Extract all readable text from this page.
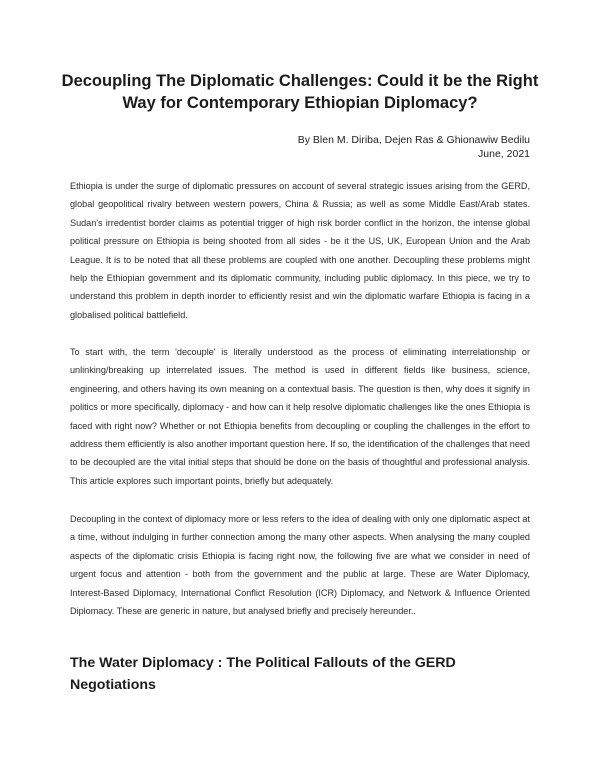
Decoupling The Diplomatic Challenges: Could it be the Right Way for Contemporary Ethiopian Diplomacy?
By Blen M. Diriba, Dejen Ras & Ghionawiw Bedilu
June, 2021

Ethiopia is under the surge of diplomatic pressures on account of several strategic issues arising from the GERD, global geopolitical rivalry between western powers, China & Russia; as well as some Middle East/Arab states. Sudan's irredentist border claims as potential trigger of high risk border conflict in the horizon, the intense global political pressure on Ethiopia is being shooted from all sides - be it the US, UK, European Union and the Arab League. It is to be noted that all these problems are coupled with one another. Decoupling these problems might help the Ethiopian government and its diplomatic community, including public diplomacy. In this piece, we try to understand this problem in depth inorder to efficiently resist and win the diplomatic warfare Ethiopia is facing in a globalised political battlefield.

To start with, the term 'decouple' is literally understood as the process of eliminating interrelationship or unlinking/breaking up interrelated issues. The method is used in different fields like business, science, engineering, and others having its own meaning on a contextual basis. The question is then, why does it signify in politics or more specifically, diplomacy - and how can it help resolve diplomatic challenges like the ones Ethiopia is faced with right now? Whether or not Ethiopia benefits from decoupling or coupling the challenges in the effort to address them efficiently is also another important question here. If so, the identification of the challenges that need to be decoupled are the vital initial steps that should be done on the basis of thoughtful and professional analysis. This article explores such important points, briefly but adequately.

Decoupling in the context of diplomacy more or less refers to the idea of dealing with only one diplomatic aspect at a time, without indulging in further connection among the many other aspects. When analysing the many coupled aspects of the diplomatic crisis Ethiopia is facing right now, the following five are what we consider in need of urgent focus and attention - both from the government and the public at large. These are Water Diplomacy, Interest-Based Diplomacy, International Conflict Resolution (ICR) Diplomacy, and Network & Influence Oriented Diplomacy. These are generic in nature, but analysed briefly and precisely hereunder..

The Water Diplomacy : The Political Fallouts of the GERD Negotiations
